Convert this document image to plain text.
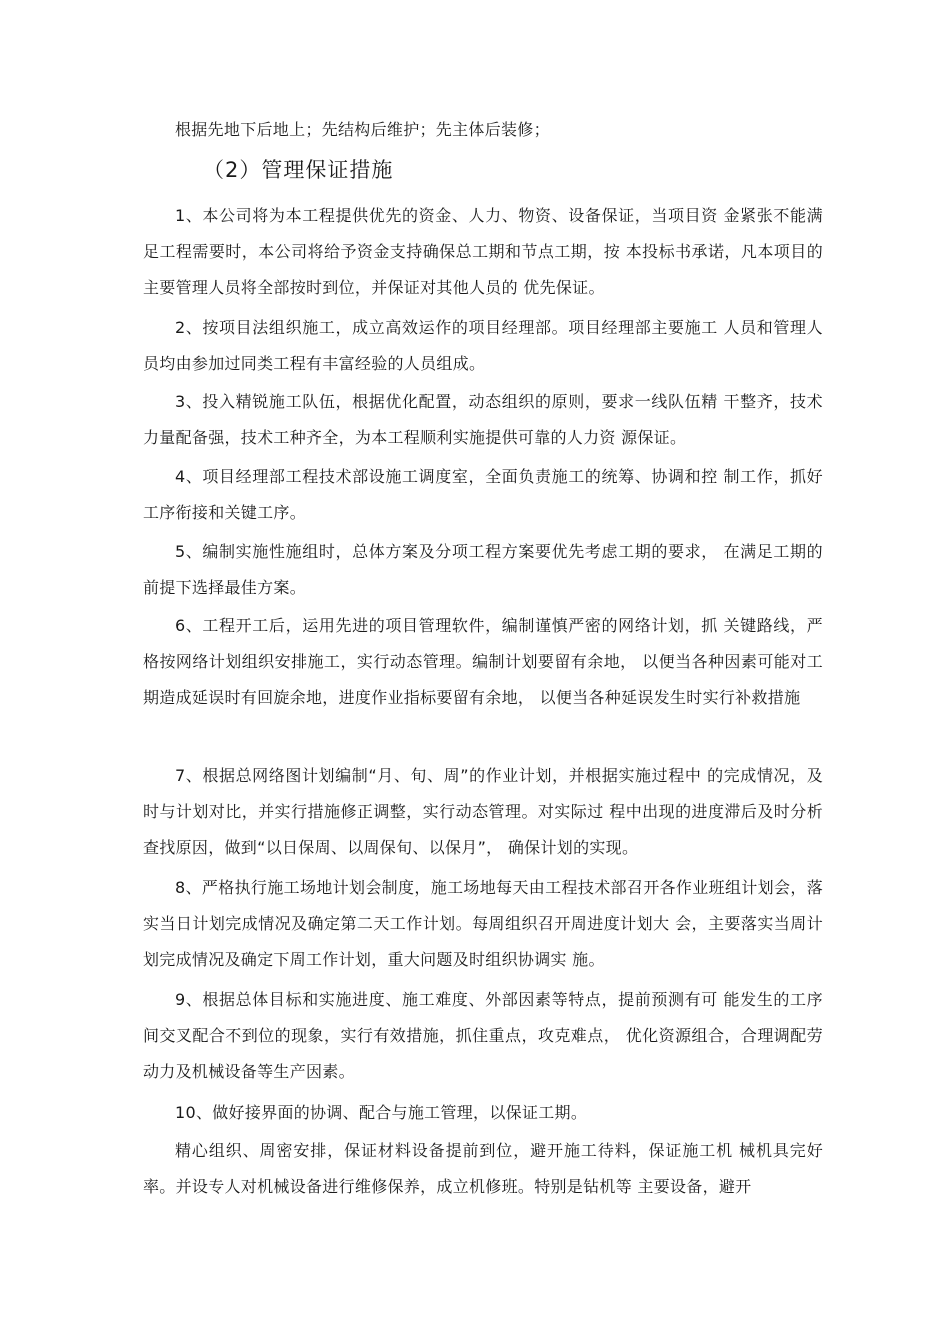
根据先地下后地上；先结构后维护；先主体后装修；

（2）管理保证措施

1、本公司将为本工程提供优先的资金、人力、物资、设备保证，当项目资 金紧张不能满足工程需要时，本公司将给予资金支持确保总工期和节点工期，按 本投标书承诺，凡本项目的主要管理人员将全部按时到位，并保证对其他人员的 优先保证。

2、按项目法组织施工，成立高效运作的项目经理部。项目经理部主要施工 人员和管理人员均由参加过同类工程有丰富经验的人员组成。

3、投入精锐施工队伍，根据优化配置，动态组织的原则，要求一线队伍精 干整齐，技术力量配备强，技术工种齐全，为本工程顺利实施提供可靠的人力资 源保证。

4、项目经理部工程技术部设施工调度室，全面负责施工的统筹、协调和控 制工作，抓好工序衔接和关键工序。

5、编制实施性施组时，总体方案及分项工程方案要优先考虑工期的要求， 在满足工期的前提下选择最佳方案。

6、工程开工后，运用先进的项目管理软件，编制谨慎严密的网络计划，抓 关键路线，严格按网络计划组织安排施工，实行动态管理。编制计划要留有余地， 以便当各种因素可能对工期造成延误时有回旋余地，进度作业指标要留有余地， 以便当各种延误发生时实行补救措施

7、根据总网络图计划编制“月、旬、周”的作业计划，并根据实施过程中 的完成情况，及时与计划对比，并实行措施修正调整，实行动态管理。对实际过 程中出现的进度滞后及时分析查找原因，做到“以日保周、以周保旬、以保月”， 确保计划的实现。

8、严格执行施工场地计划会制度，施工场地每天由工程技术部召开各作业班组计划会，落实当日计划完成情况及确定第二天工作计划。每周组织召开周进度计划大 会，主要落实当周计划完成情况及确定下周工作计划，重大问题及时组织协调实 施。

9、根据总体目标和实施进度、施工难度、外部因素等特点，提前预测有可 能发生的工序间交叉配合不到位的现象，实行有效措施，抓住重点，攻克难点， 优化资源组合，合理调配劳动力及机械设备等生产因素。

10、做好接界面的协调、配合与施工管理，以保证工期。

精心组织、周密安排，保证材料设备提前到位，避开施工待料，保证施工机 械机具完好率。并设专人对机械设备进行维修保养，成立机修班。特别是钻机等 主要设备，避开
